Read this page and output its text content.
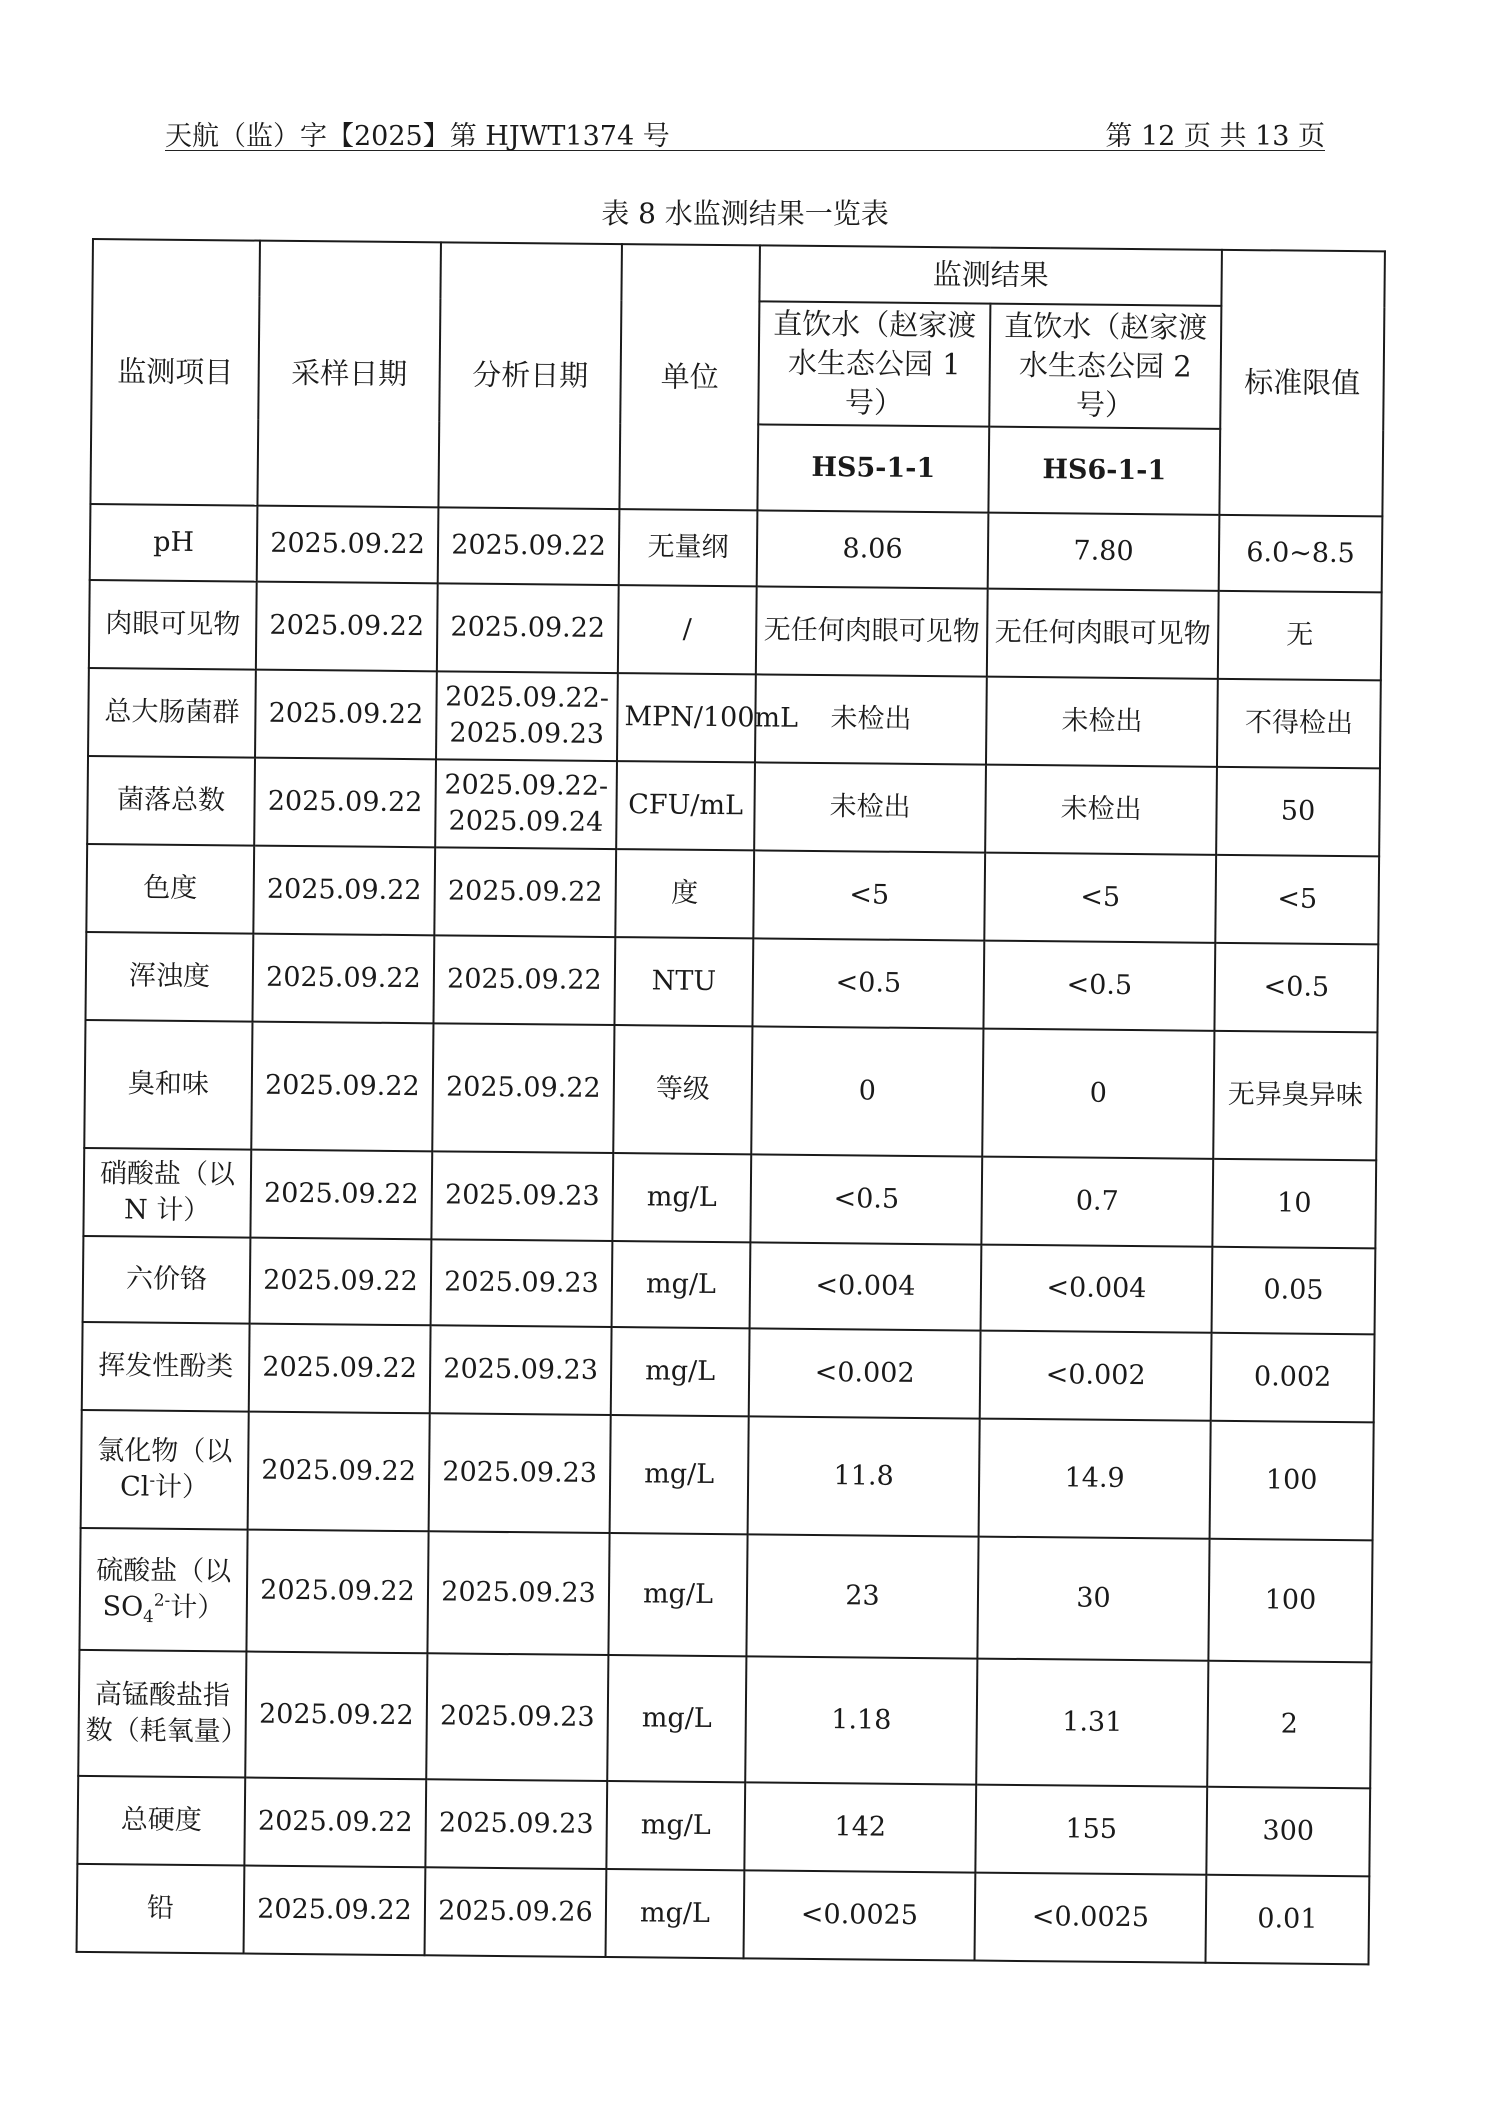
天航（监）字【2025】第 HJWT1374 号	第 12 页 共 13 页
表 8 水监测结果一览表
监测项目	采样日期	分析日期	单位	监测结果		标准限值
				直饮水（赵家渡水生态公园 1 号）	直饮水（赵家渡水生态公园 2 号）	
				HS5-1-1	HS6-1-1	
pH	2025.09.22	2025.09.22	无量纲	8.06	7.80	6.0~8.5
肉眼可见物	2025.09.22	2025.09.22	/	无任何肉眼可见物	无任何肉眼可见物	无
总大肠菌群	2025.09.22	2025.09.22-2025.09.23	MPN/100mL	未检出	未检出	不得检出
菌落总数	2025.09.22	2025.09.22-2025.09.24	CFU/mL	未检出	未检出	50
色度	2025.09.22	2025.09.22	度	<5	<5	<5
浑浊度	2025.09.22	2025.09.22	NTU	<0.5	<0.5	<0.5
臭和味	2025.09.22	2025.09.22	等级	0	0	无异臭异味
硝酸盐（以 N 计）	2025.09.22	2025.09.23	mg/L	<0.5	0.7	10
六价铬	2025.09.22	2025.09.23	mg/L	<0.004	<0.004	0.05
挥发性酚类	2025.09.22	2025.09.23	mg/L	<0.002	<0.002	0.002
氯化物（以 Cl-计）	2025.09.22	2025.09.23	mg/L	11.8	14.9	100
硫酸盐（以 $SO_4^{2-}$计）	2025.09.22	2025.09.23	mg/L	23	30	100
高锰酸盐指数（耗氧量）	2025.09.22	2025.09.23	mg/L	1.18	1.31	2
总硬度	2025.09.22	2025.09.23	mg/L	142	155	300
铅	2025.09.22	2025.09.26	mg/L	<0.0025	<0.0025	0.01
